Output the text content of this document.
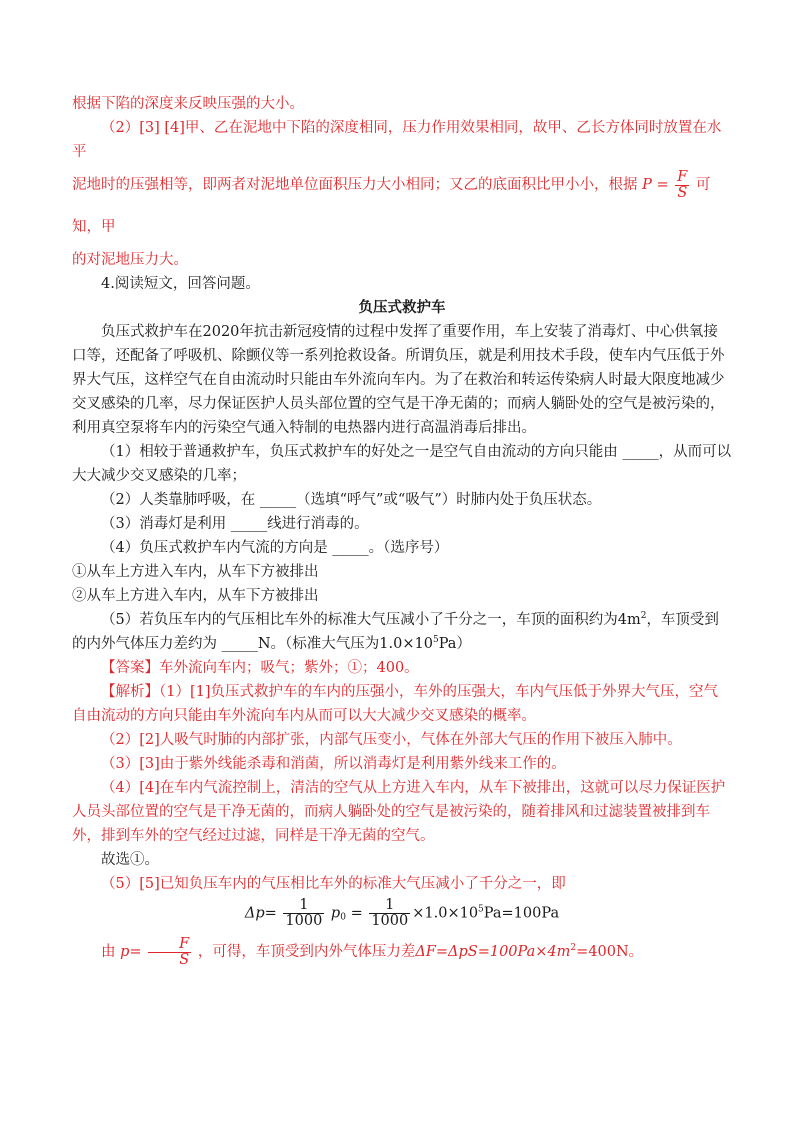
根据下陷的深度来反映压强的大小。

（2）[3] [4]甲、乙在泥地中下陷的深度相同，压力作用效果相同，故甲、乙长方体同时放置在水平

泥地时的压强相等，即两者对泥地单位面积压力大小相同；又乙的底面积比甲小小，根据 $P = \frac{F}{S}$ 可知，甲

的对泥地压力大。

4.阅读短文，回答问题。

负压式救护车

负压式救护车在2020年抗击新冠疫情的过程中发挥了重要作用，车上安装了消毒灯、中心供氧接口等，还配备了呼吸机、除颤仪等一系列抢救设备。所谓负压，就是利用技术手段，使车内气压低于外界大气压，这样空气在自由流动时只能由车外流向车内。为了在救治和转运传染病人时最大限度地减少交叉感染的几率，尽力保证医护人员头部位置的空气是干净无菌的；而病人躺卧处的空气是被污染的，利用真空泵将车内的污染空气通入特制的电热器内进行高温消毒后排出。

（1）相较于普通救护车，负压式救护车的好处之一是空气自由流动的方向只能由 _____，从而可以大大减少交叉感染的几率；

（2）人类靠肺呼吸，在 _____（选填“呼气”或“吸气”）时肺内处于负压状态。

（3）消毒灯是利用 _____线进行消毒的。

（4）负压式救护车内气流的方向是 _____。（选序号）

①从车上方进入车内，从车下方被排出

②从车上方进入车内，从车下方被排出

（5）若负压车内的气压相比车外的标准大气压减小了千分之一，车顶的面积约为$4m^2$，车顶受到的内外气体压力差约为 _____N。（标准大气压为$1.0\times 10^5Pa$）

【答案】车外流向车内；吸气；紫外；①；400。

【解析】（1）[1]负压式救护车的车内的压强小，车外的压强大，车内气压低于外界大气压，空气自由流动的方向只能由车外流向车内从而可以大大减少交叉感染的概率。

（2）[2]人吸气时肺的内部扩张，内部气压变小，气体在外部大气压的作用下被压入肺中。

（3）[3]由于紫外线能杀毒和消菌，所以消毒灯是利用紫外线来工作的。

（4）[4]在车内气流控制上，清洁的空气从上方进入车内，从车下被排出，这就可以尽力保证医护人员头部位置的空气是干净无菌的，而病人躺卧处的空气是被污染的，随着排风和过滤装置被排到车外，排到车外的空气经过过滤，同样是干净无菌的空气。

故选①。

（5）[5]已知负压车内的气压相比车外的标准大气压减小了千分之一，即

$\Delta p= \frac{1}{1000} p_0 = \frac{1}{1000} \times 1.0\times 10^5Pa=100Pa$

由 $p= \frac{F}{S}$ ，可得，车顶受到内外气体压力差$\Delta F=\Delta pS=100Pa\times 4m^2=400N$。
